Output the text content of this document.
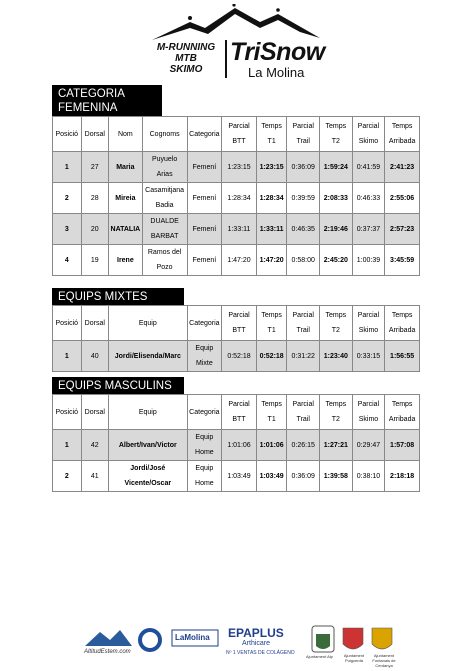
M-RUNNING
MTB
SKIMO
TriSnow
La Molina
CATEGORIA FEMENINA
Posició	Dorsal	Nom	Cognoms	Categoria	Parcial BTT	Temps T1	Parcial Trail	Temps T2	Parcial Skimo	Temps Arribada
1	27	Maria	Puyuelo Arias	Femení	1:23:15	1:23:15	0:36:09	1:59:24	0:41:59	2:41:23
2	28	Mireia	Casamitjana Badia	Femení	1:28:34	1:28:34	0:39:59	2:08:33	0:46:33	2:55:06
3	20	NATALIA	DUALDE BARBAT	Femení	1:33:11	1:33:11	0:46:35	2:19:46	0:37:37	2:57:23
4	19	Irene	Ramos del Pozo	Femení	1:47:20	1:47:20	0:58:00	2:45:20	1:00:39	3:45:59
EQUIPS MIXTES
Posició	Dorsal	Equip	Categoria	Parcial BTT	Temps T1	Parcial Trail	Temps T2	Parcial Skimo	Temps Arribada
1	40	Jordi/Elisenda/Marc	Equip Mixte	0:52:18	0:52:18	0:31:22	1:23:40	0:33:15	1:56:55
EQUIPS MASCULINS
Posició	Dorsal	Equip	Categoria	Parcial BTT	Temps T1	Parcial Trail	Temps T2	Parcial Skimo	Temps Arribada
1	42	Albert/Ivan/Victor	Equip Home	1:01:06	1:01:06	0:26:15	1:27:21	0:29:47	1:57:08
2	41	Jordi/José Vicente/Oscar	Equip Home	1:03:49	1:03:49	0:36:09	1:39:58	0:38:10	2:18:18
AltitudEstem.com
LaMolina EPAPLUS
Arthicare
Nº 1 VENTAS DE COLÁGENO
Ajuntament Alp	Ajuntament Puigcerdà
Ajuntament Fontanals de Cerdanya
